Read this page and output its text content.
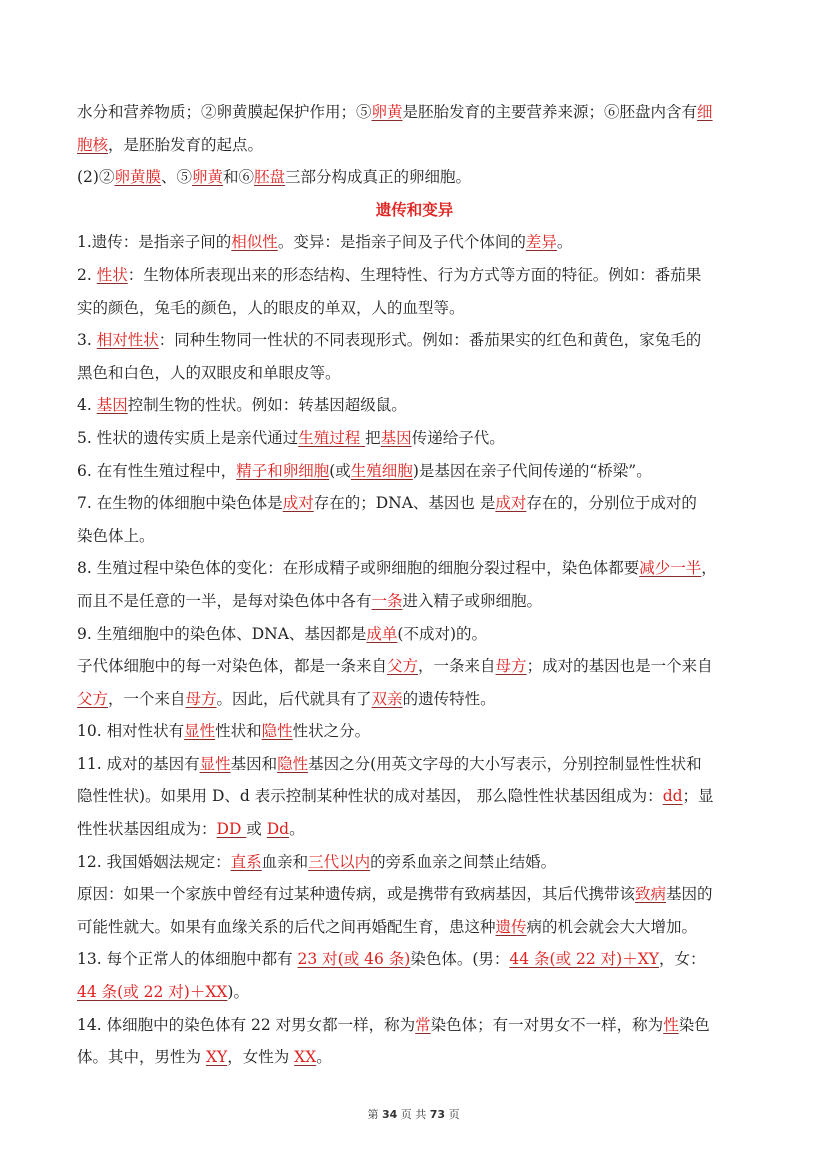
水分和营养物质；②卵黄膜起保护作用；⑤卵黄是胚胎发育的主要营养来源；⑥胚盘内含有细
胞核，是胚胎发育的起点。
(2)②卵黄膜、⑤卵黄和⑥胚盘三部分构成真正的卵细胞。
遗传和变异
1.遗传：是指亲子间的相似性。变异：是指亲子间及子代个体间的差异。
2. 性状：生物体所表现出来的形态结构、生理特性、行为方式等方面的特征。例如：番茄果
实的颜色，兔毛的颜色，人的眼皮的单双，人的血型等。
3. 相对性状：同种生物同一性状的不同表现形式。例如：番茄果实的红色和黄色，家兔毛的
黑色和白色，人的双眼皮和单眼皮等。
4. 基因控制生物的性状。例如：转基因超级鼠。
5. 性状的遗传实质上是亲代通过生殖过程 把基因传递给子代。
6. 在有性生殖过程中，精子和卵细胞(或生殖细胞)是基因在亲子代间传递的“桥梁”。
7. 在生物的体细胞中染色体是成对存在的；DNA、基因也 是成对存在的，分别位于成对的
染色体上。
8. 生殖过程中染色体的变化：在形成精子或卵细胞的细胞分裂过程中，染色体都要减少一半，
而且不是任意的一半，是每对染色体中各有一条进入精子或卵细胞。
9. 生殖细胞中的染色体、DNA、基因都是成单(不成对)的。
子代体细胞中的每一对染色体，都是一条来自父方，一条来自母方；成对的基因也是一个来自
父方，一个来自母方。因此，后代就具有了双亲的遗传特性。
10. 相对性状有显性性状和隐性性状之分。
11. 成对的基因有显性基因和隐性基因之分(用英文字母的大小写表示，分别控制显性性状和
隐性性状)。如果用 D、d 表示控制某种性状的成对基因， 那么隐性性状基因组成为：dd；显
性性状基因组成为：DD 或 Dd。
12. 我国婚姻法规定：直系血亲和三代以内的旁系血亲之间禁止结婚。
原因：如果一个家族中曾经有过某种遗传病，或是携带有致病基因，其后代携带该致病基因的
可能性就大。如果有血缘关系的后代之间再婚配生育，患这种遗传病的机会就会大大增加。
13. 每个正常人的体细胞中都有 23 对(或 46 条)染色体。(男：44 条(或 22 对)＋XY，女：
44 条(或 22 对)＋XX)。
14. 体细胞中的染色体有 22 对男女都一样，称为常染色体；有一对男女不一样，称为性染色
体。其中，男性为 XY，女性为 XX。
第 34 页 共 73 页
